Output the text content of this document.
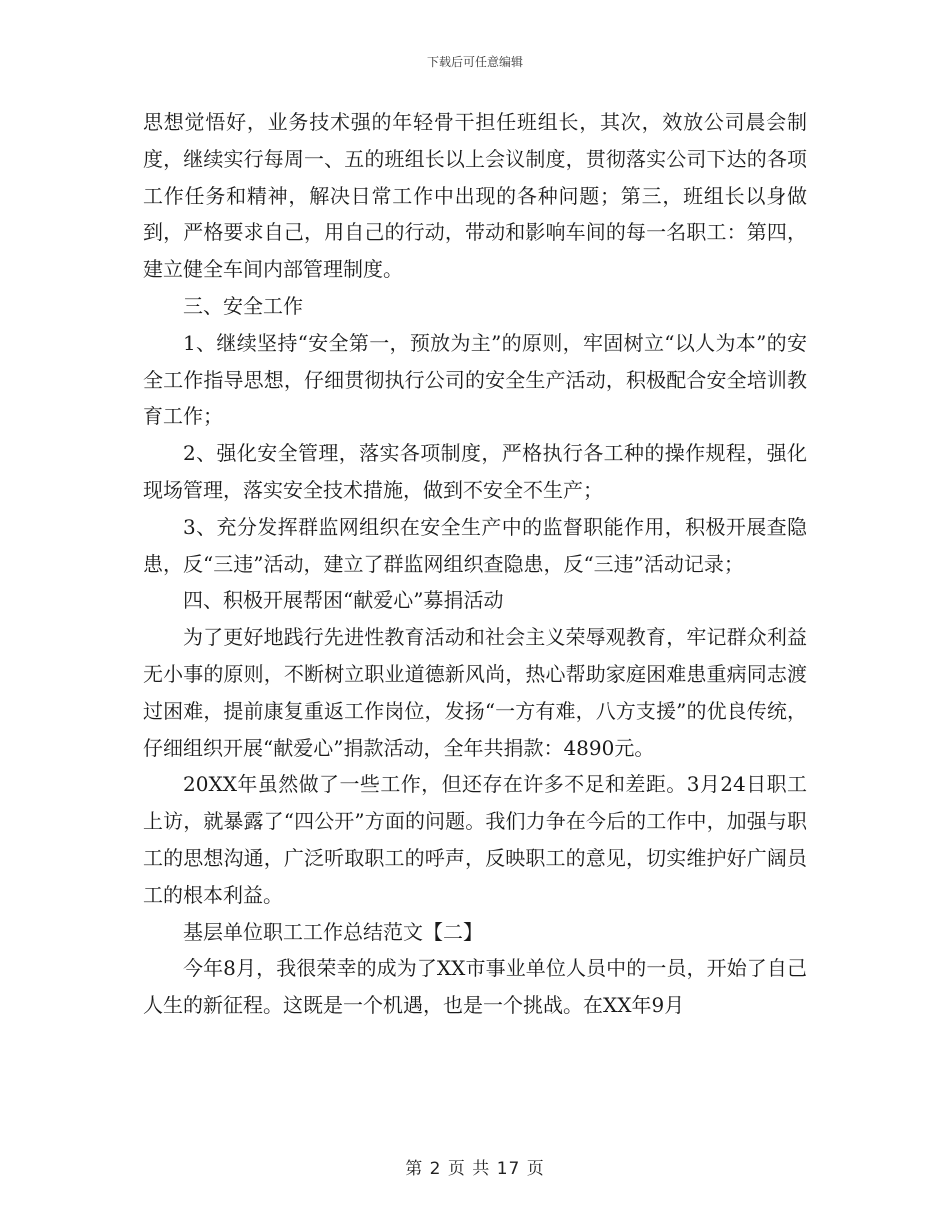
下载后可任意编辑

思想觉悟好，业务技术强的年轻骨干担任班组长，其次，效放公司晨会制度，继续实行每周一、五的班组长以上会议制度，贯彻落实公司下达的各项工作任务和精神，解决日常工作中出现的各种问题；第三，班组长以身做到，严格要求自己，用自己的行动，带动和影响车间的每一名职工：第四，建立健全车间内部管理制度。

三、安全工作

1、继续坚持“安全第一，预放为主”的原则，牢固树立“以人为本”的安全工作指导思想，仔细贯彻执行公司的安全生产活动，积极配合安全培训教育工作；

2、强化安全管理，落实各项制度，严格执行各工种的操作规程，强化现场管理，落实安全技术措施，做到不安全不生产；

3、充分发挥群监网组织在安全生产中的监督职能作用，积极开展查隐患，反“三违”活动，建立了群监网组织查隐患，反“三违”活动记录；

四、积极开展帮困“献爱心”募捐活动

为了更好地践行先进性教育活动和社会主义荣辱观教育，牢记群众利益无小事的原则，不断树立职业道德新风尚，热心帮助家庭困难患重病同志渡过困难，提前康复重返工作岗位，发扬“一方有难，八方支援”的优良传统，仔细组织开展“献爱心”捐款活动，全年共捐款：4890元。

20XX年虽然做了一些工作，但还存在许多不足和差距。3月24日职工上访，就暴露了“四公开”方面的问题。我们力争在今后的工作中，加强与职工的思想沟通，广泛听取职工的呼声，反映职工的意见，切实维护好广阔员工的根本利益。

基层单位职工工作总结范文【二】

今年8月，我很荣幸的成为了XX市事业单位人员中的一员，开始了自己人生的新征程。这既是一个机遇，也是一个挑战。在XX年9月

第 2 页 共 17 页
